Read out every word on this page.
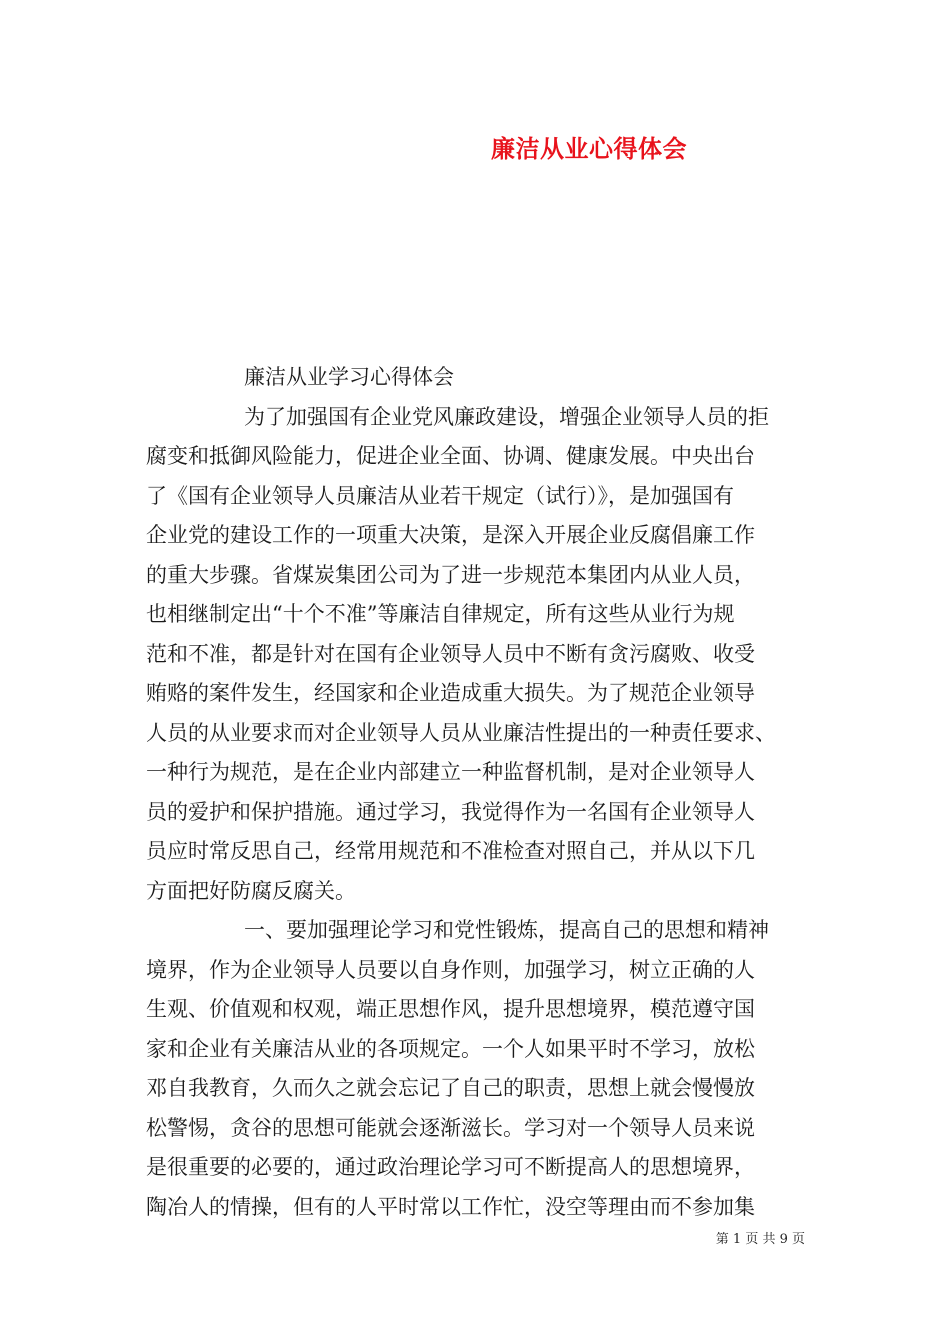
廉洁从业心得体会
廉洁从业学习心得体会
为了加强国有企业党风廉政建设，增强企业领导人员的拒
腐变和抵御风险能力，促进企业全面、协调、健康发展。中央出台
了《国有企业领导人员廉洁从业若干规定（试行）》，是加强国有
企业党的建设工作的一项重大决策，是深入开展企业反腐倡廉工作
的重大步骤。省煤炭集团公司为了进一步规范本集团内从业人员，
也相继制定出“十个不准”等廉洁自律规定，所有这些从业行为规
范和不准，都是针对在国有企业领导人员中不断有贪污腐败、收受
贿赂的案件发生，经国家和企业造成重大损失。为了规范企业领导
人员的从业要求而对企业领导人员从业廉洁性提出的一种责任要求、
一种行为规范，是在企业内部建立一种监督机制，是对企业领导人
员的爱护和保护措施。通过学习，我觉得作为一名国有企业领导人
员应时常反思自己，经常用规范和不准检查对照自己，并从以下几
方面把好防腐反腐关。
一、要加强理论学习和党性锻炼，提高自己的思想和精神
境界，作为企业领导人员要以自身作则，加强学习，树立正确的人
生观、价值观和权观，端正思想作风，提升思想境界，模范遵守国
家和企业有关廉洁从业的各项规定。一个人如果平时不学习，放松
邓自我教育，久而久之就会忘记了自己的职责，思想上就会慢慢放
松警惕，贪谷的思想可能就会逐渐滋长。学习对一个领导人员来说
是很重要的必要的，通过政治理论学习可不断提高人的思想境界，
陶冶人的情操，但有的人平时常以工作忙，没空等理由而不参加集
第 1 页 共 9 页
